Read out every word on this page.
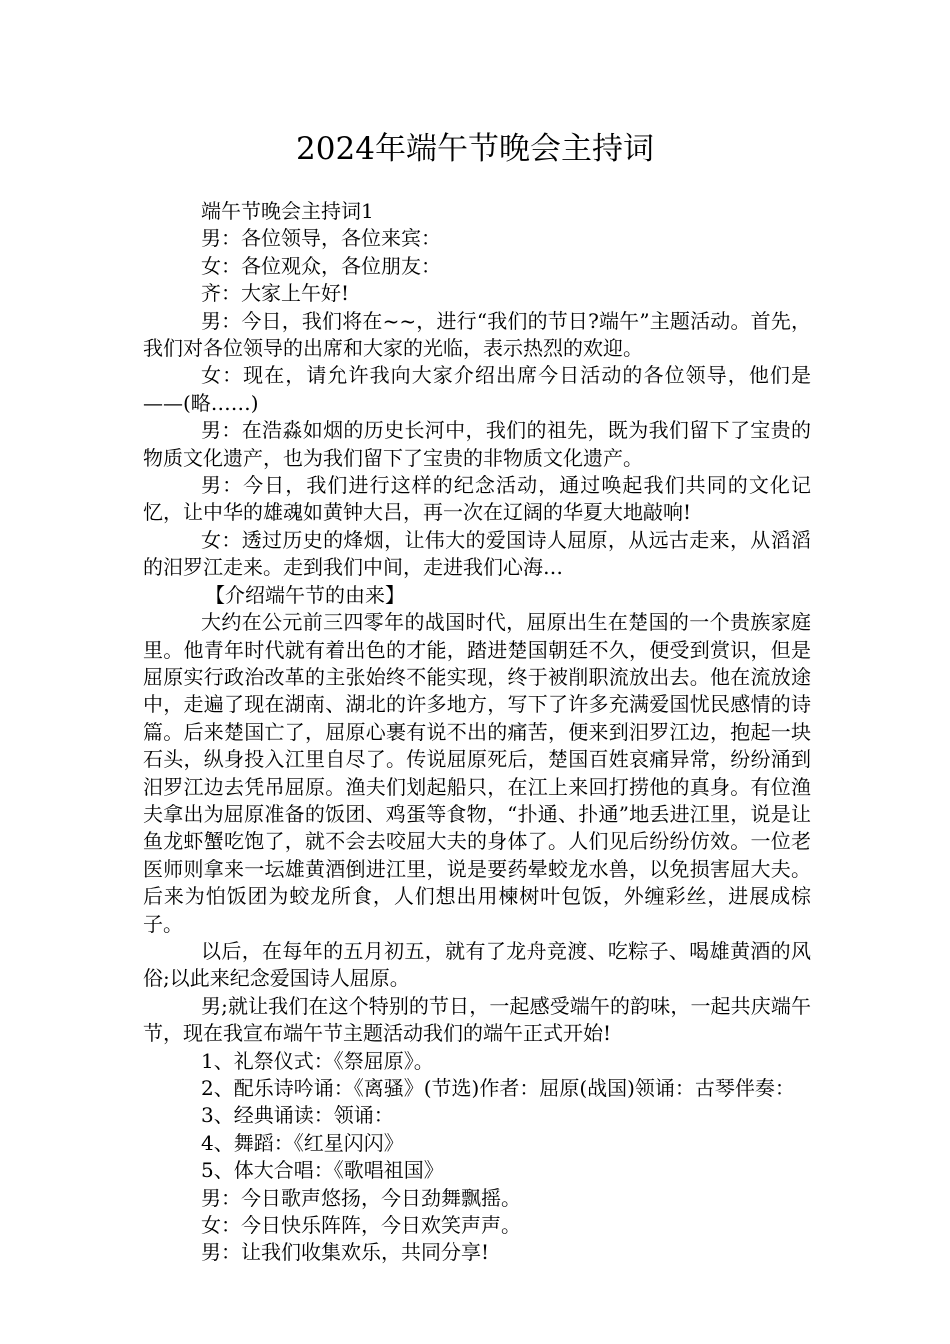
2024年端午节晚会主持词

端午节晚会主持词1

男：各位领导，各位来宾：

女：各位观众，各位朋友：

齐：大家上午好!

男：今日，我们将在~~，进行“我们的节日?端午”主题活动。首先，我们对各位领导的出席和大家的光临，表示热烈的欢迎。

女：现在，请允许我向大家介绍出席今日活动的各位领导，他们是——(略……)

男：在浩淼如烟的历史长河中，我们的祖先，既为我们留下了宝贵的物质文化遗产，也为我们留下了宝贵的非物质文化遗产。

男：今日，我们进行这样的纪念活动，通过唤起我们共同的文化记忆，让中华的雄魂如黄钟大吕，再一次在辽阔的华夏大地敲响!

女：透过历史的烽烟，让伟大的爱国诗人屈原，从远古走来，从滔滔的汨罗江走来。走到我们中间，走进我们心海…

【介绍端午节的由来】

大约在公元前三四零年的战国时代，屈原出生在楚国的一个贵族家庭里。他青年时代就有着出色的才能，踏进楚国朝廷不久，便受到赏识，但是屈原实行政治改革的主张始终不能实现，终于被削职流放出去。他在流放途中，走遍了现在湖南、湖北的许多地方，写下了许多充满爱国忧民感情的诗篇。后来楚国亡了，屈原心裹有说不出的痛苦，便来到汨罗江边，抱起一块石头，纵身投入江里自尽了。传说屈原死后，楚国百姓哀痛异常，纷纷涌到汨罗江边去凭吊屈原。渔夫们划起船只，在江上来回打捞他的真身。有位渔夫拿出为屈原准备的饭团、鸡蛋等食物，“扑通、扑通”地丢进江里，说是让鱼龙虾蟹吃饱了，就不会去咬屈大夫的身体了。人们见后纷纷仿效。一位老医师则拿来一坛雄黄酒倒进江里，说是要药晕蛟龙水兽，以免损害屈大夫。后来为怕饭团为蛟龙所食，人们想出用楝树叶包饭，外缠彩丝，进展成棕子。

以后，在每年的五月初五，就有了龙舟竞渡、吃粽子、喝雄黄酒的风俗;以此来纪念爱国诗人屈原。

男;就让我们在这个特别的节日，一起感受端午的韵味，一起共庆端午节，现在我宣布端午节主题活动我们的端午正式开始!

1、礼祭仪式：《祭屈原》。

2、配乐诗吟诵：《离骚》(节选)作者：屈原(战国)领诵：古琴伴奏：

3、经典诵读：领诵：

4、舞蹈：《红星闪闪》

5、体大合唱：《歌唱祖国》

男：今日歌声悠扬，今日劲舞飘摇。

女：今日快乐阵阵，今日欢笑声声。

男：让我们收集欢乐，共同分享!
